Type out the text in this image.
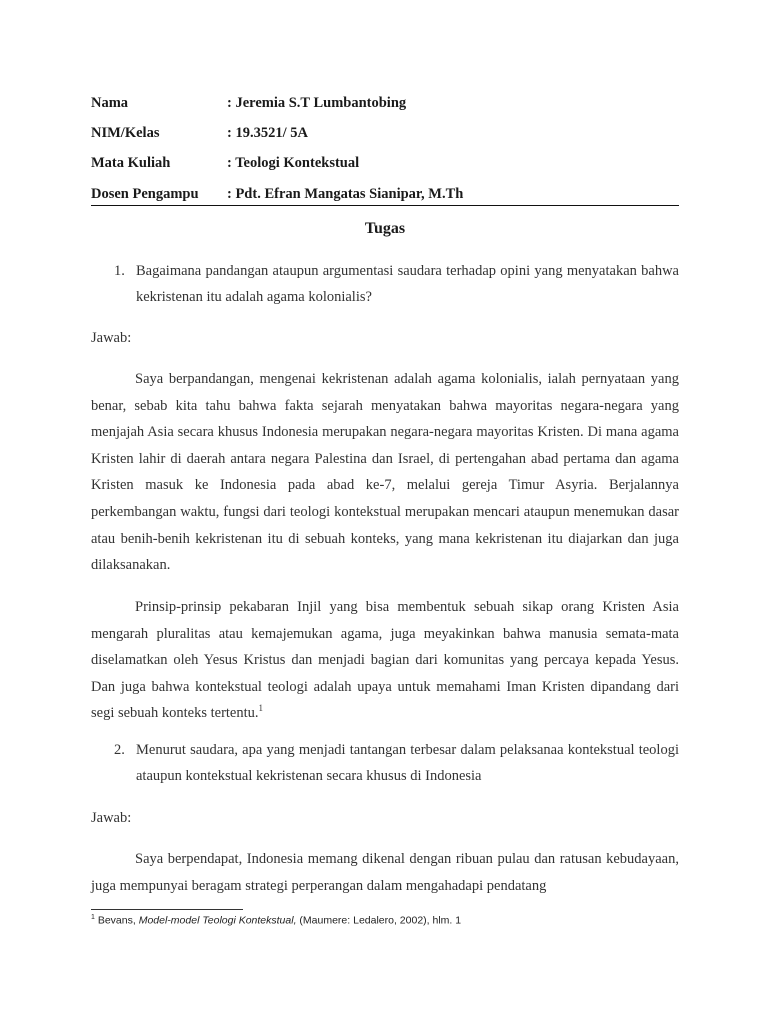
Nama	: Jeremia S.T Lumbantobing
NIM/Kelas	: 19.3521/ 5A
Mata Kuliah	: Teologi Kontekstual
Dosen Pengampu : Pdt. Efran Mangatas Sianipar, M.Th
Tugas
1. Bagaimana pandangan ataupun argumentasi saudara terhadap opini yang menyatakan bahwa kekristenan itu adalah agama kolonialis?
Jawab:

Saya berpandangan, mengenai kekristenan adalah agama kolonialis, ialah pernyataan yang benar, sebab kita tahu bahwa fakta sejarah menyatakan bahwa mayoritas negara-negara yang menjajah Asia secara khusus Indonesia merupakan negara-negara mayoritas Kristen. Di mana agama Kristen lahir di daerah antara negara Palestina dan Israel, di pertengahan abad pertama dan agama Kristen masuk ke Indonesia pada abad ke-7, melalui gereja Timur Asyria. Berjalannya perkembangan waktu, fungsi dari teologi kontekstual merupakan mencari ataupun menemukan dasar atau benih-benih kekristenan itu di sebuah konteks, yang mana kekristenan itu diajarkan dan juga dilaksanakan.

Prinsip-prinsip pekabaran Injil yang bisa membentuk sebuah sikap orang Kristen Asia mengarah pluralitas atau kemajemukan agama, juga meyakinkan bahwa manusia semata-mata diselamatkan oleh Yesus Kristus dan menjadi bagian dari komunitas yang percaya kepada Yesus. Dan juga bahwa kontekstual teologi adalah upaya untuk memahami Iman Kristen dipandang dari segi sebuah konteks tertentu.$^1$

2. Menurut saudara, apa yang menjadi tantangan terbesar dalam pelaksanaa kontekstual teologi ataupun kontekstual kekristenan secara khusus di Indonesia
Jawab:

Saya berpendapat, Indonesia memang dikenal dengan ribuan pulau dan ratusan kebudayaan, juga mempunyai beragam strategi perperangan dalam mengahadapi pendatang

$^1$ Bevans, Model-model Teologi Kontekstual, (Maumere: Ledalero, 2002), hlm. 1
